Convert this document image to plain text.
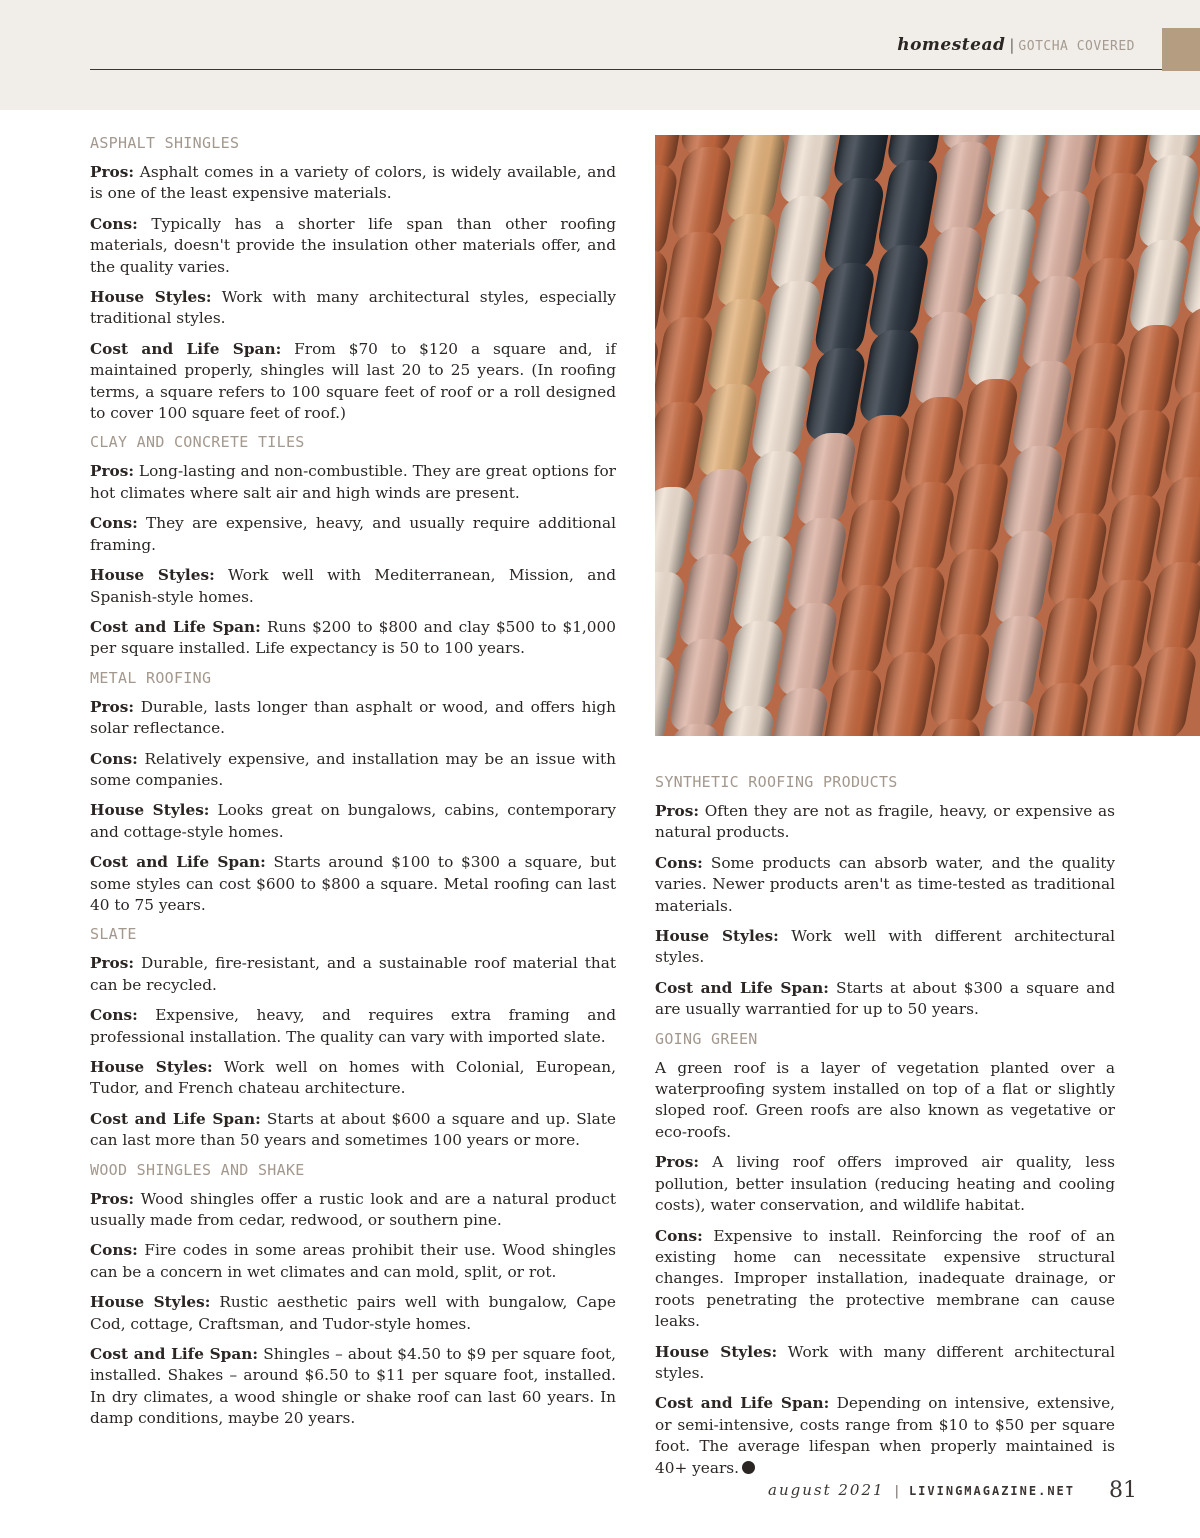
homestead | GOTCHA COVERED
ASPHALT SHINGLES

Pros: Asphalt comes in a variety of colors, is widely available, and is one of the least expensive materials.

Cons: Typically has a shorter life span than other roofing materials, doesn't provide the insulation other materials offer, and the quality varies.

House Styles: Work with many architectural styles, especially traditional styles.

Cost and Life Span: From $70 to $120 a square and, if maintained properly, shingles will last 20 to 25 years. (In roofing terms, a square refers to 100 square feet of roof or a roll designed to cover 100 square feet of roof.)

CLAY AND CONCRETE TILES

Pros: Long-lasting and non-combustible. They are great options for hot climates where salt air and high winds are present.

Cons: They are expensive, heavy, and usually require additional framing.

House Styles: Work well with Mediterranean, Mission, and Spanish-style homes.

Cost and Life Span: Runs $200 to $800 and clay $500 to $1,000 per square installed. Life expectancy is 50 to 100 years.

METAL ROOFING

Pros: Durable, lasts longer than asphalt or wood, and offers high solar reflectance.

Cons: Relatively expensive, and installation may be an issue with some companies.

House Styles: Looks great on bungalows, cabins, contemporary and cottage-style homes.

Cost and Life Span: Starts around $100 to $300 a square, but some styles can cost $600 to $800 a square. Metal roofing can last 40 to 75 years.

SLATE

Pros: Durable, fire-resistant, and a sustainable roof material that can be recycled.

Cons: Expensive, heavy, and requires extra framing and professional installation. The quality can vary with imported slate.

House Styles: Work well on homes with Colonial, European, Tudor, and French chateau architecture.

Cost and Life Span: Starts at about $600 a square and up. Slate can last more than 50 years and sometimes 100 years or more.

WOOD SHINGLES AND SHAKE

Pros: Wood shingles offer a rustic look and are a natural product usually made from cedar, redwood, or southern pine.

Cons: Fire codes in some areas prohibit their use. Wood shingles can be a concern in wet climates and can mold, split, or rot.

House Styles: Rustic aesthetic pairs well with bungalow, Cape Cod, cottage, Craftsman, and Tudor-style homes.

Cost and Life Span: Shingles – about $4.50 to $9 per square foot, installed. Shakes – around $6.50 to $11 per square foot, installed. In dry climates, a wood shingle or shake roof can last 60 years. In damp conditions, maybe 20 years.

SYNTHETIC ROOFING PRODUCTS

Pros: Often they are not as fragile, heavy, or expensive as natural products.

Cons: Some products can absorb water, and the quality varies. Newer products aren't as time-tested as traditional materials.

House Styles: Work well with different architectural styles.

Cost and Life Span: Starts at about $300 a square and are usually warrantied for up to 50 years.

GOING GREEN

A green roof is a layer of vegetation planted over a waterproofing system installed on top of a flat or slightly sloped roof. Green roofs are also known as vegetative or eco-roofs.

Pros: A living roof offers improved air quality, less pollution, better insulation (reducing heating and cooling costs), water conservation, and wildlife habitat.

Cons: Expensive to install. Reinforcing the roof of an existing home can necessitate expensive structural changes. Improper installation, inadequate drainage, or roots penetrating the protective membrane can cause leaks.

House Styles: Work with many different architectural styles.

Cost and Life Span: Depending on intensive, extensive, or semi-intensive, costs range from $10 to $50 per square foot. The average lifespan when properly maintained is 40+ years.

august 2021 | LIVINGMAGAZINE.NET 81
